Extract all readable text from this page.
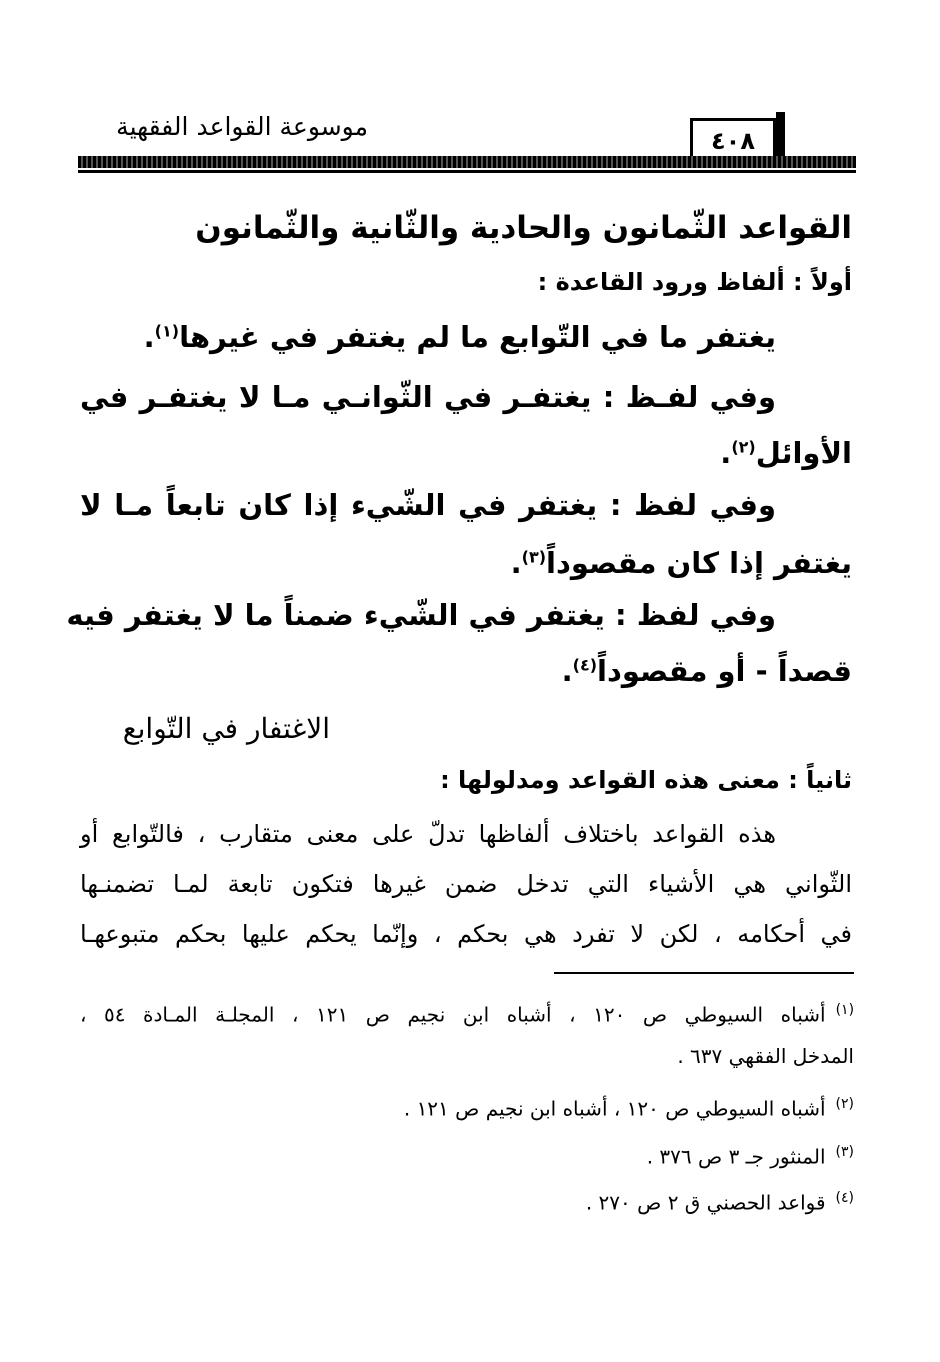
موسوعة القواعد الفقهية	٤٠٨
القواعد الثّمانون والحادية والثّانية والثّمانون
أولاً : ألفاظ ورود القاعدة :
يغتفر ما في التّوابع ما لم يغتفر في غيرها$^{(١)}$.
وفي لفـظ : يغتفـر في الثّوانـي مـا لا يغتفـر في
الأوائل$^{(٢)}$.
وفي لفظ : يغتفر في الشّيء إذا كان تابعاً مـا لا
يغتفر إذا كان مقصوداً$^{(٣)}$.
وفي لفظ : يغتفر في الشّيء ضمناً ما لا يغتفر فيه
قصداً - أو مقصوداً$^{(٤)}$.
الاغتفار في التّوابع
ثانياً : معنى هذه القواعد ومدلولها :
هذه القواعد باختلاف ألفاظها تدلّ على معنى متقارب ، فالتّوابع أو
الثّواني هي الأشياء التي تدخل ضمن غيرها فتكون تابعة لمـا تضمنـها
في أحكامه ، لكن لا تفرد هي بحكم ، وإنّما يحكم عليها بحكم متبوعهـا
$^{(١)}$أشباه السيوطي ص ١٢٠ ، أشباه ابن نجيم ص ١٢١ ، المجلـة المـادة ٥٤ ،
المدخل الفقهي ٦٣٧ .
$^{(٢)}$أشباه السيوطي ص ١٢٠ ، أشباه ابن نجيم ص ١٢١ .
$^{(٣)}$المنثور جـ ٣ ص ٣٧٦ .
$^{(٤)}$قواعد الحصني ق ٢ ص ٢٧٠ .
